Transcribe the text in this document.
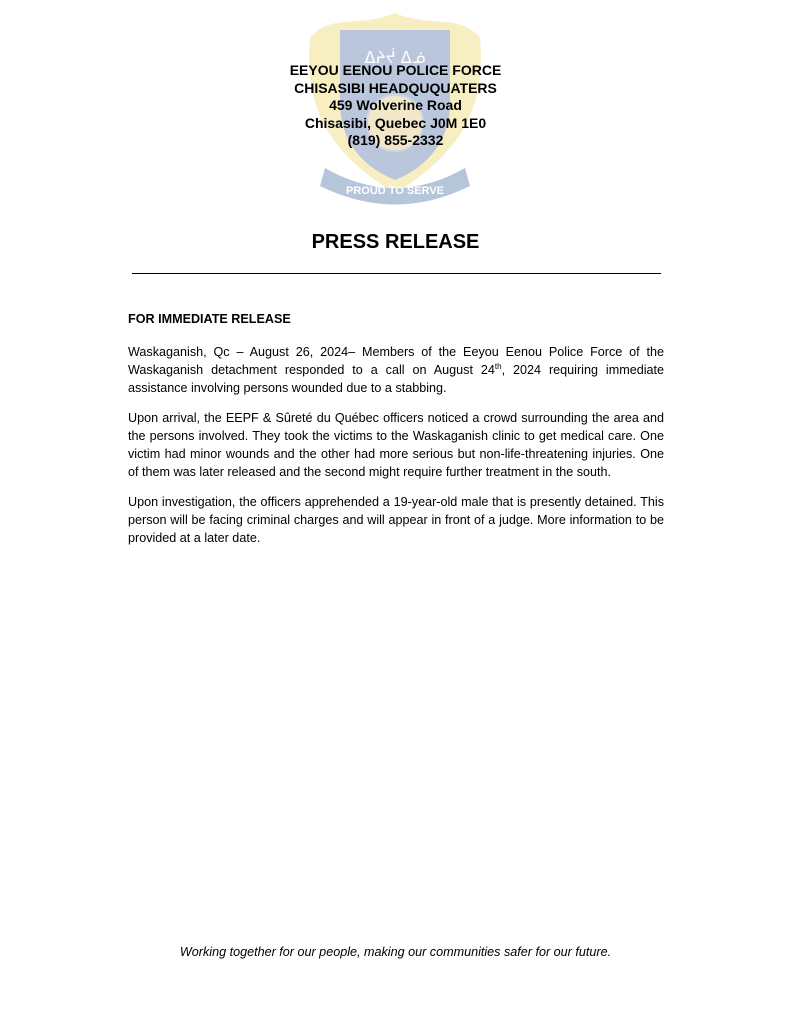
ᐃᔨᔫ ᐃᓅ
PROUD TO SERVE
EEYOU EENOU POLICE FORCE
CHISASIBI HEADQUQUATERS
459 Wolverine Road
Chisasibi, Quebec J0M 1E0
(819) 855-2332
PRESS RELEASE

FOR IMMEDIATE RELEASE

Waskaganish, Qc – August 26, 2024– Members of the Eeyou Eenou Police Force of the Waskaganish detachment responded to a call on August 24th, 2024 requiring immediate assistance involving persons wounded due to a stabbing.

Upon arrival, the EEPF & Sûreté du Québec officers noticed a crowd surrounding the area and the persons involved. They took the victims to the Waskaganish clinic to get medical care. One victim had minor wounds and the other had more serious but non-life-threatening injuries. One of them was later released and the second might require further treatment in the south.

Upon investigation, the officers apprehended a 19-year-old male that is presently detained. This person will be facing criminal charges and will appear in front of a judge. More information to be provided at a later date.

Working together for our people, making our communities safer for our future.
